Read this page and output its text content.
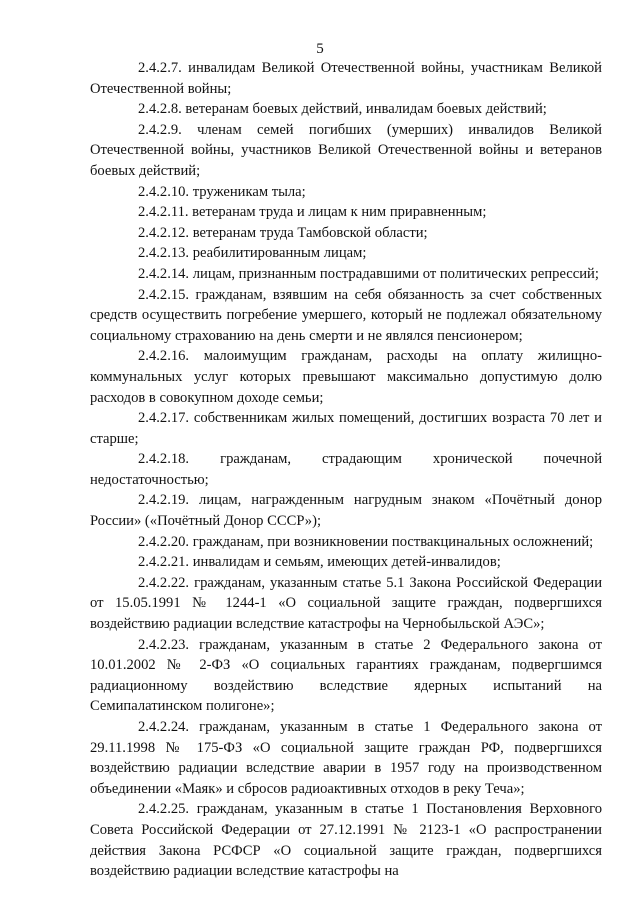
5

2.4.2.7. инвалидам Великой Отечественной войны, участникам Великой Отечественной войны;

2.4.2.8. ветеранам боевых действий, инвалидам боевых действий;

2.4.2.9. членам семей погибших (умерших) инвалидов Великой Отечественной войны, участников Великой Отечественной войны и ветеранов боевых действий;

2.4.2.10. труженикам тыла;

2.4.2.11. ветеранам труда и лицам к ним приравненным;

2.4.2.12. ветеранам труда Тамбовской области;

2.4.2.13. реабилитированным лицам;

2.4.2.14. лицам, признанным пострадавшими от политических репрессий;

2.4.2.15. гражданам, взявшим на себя обязанность за счет собственных средств осуществить погребение умершего, который не подлежал обязательному социальному страхованию на день смерти и не являлся пенсионером;

2.4.2.16. малоимущим гражданам, расходы на оплату жилищно-коммунальных услуг которых превышают максимально допустимую долю расходов в совокупном доходе семьи;

2.4.2.17. собственникам жилых помещений, достигших возраста 70 лет и старше;

2.4.2.18. гражданам, страдающим хронической почечной недостаточностью;

2.4.2.19. лицам, награжденным нагрудным знаком «Почётный донор России» («Почётный Донор СССР»);

2.4.2.20. гражданам, при возникновении поствакцинальных осложнений;

2.4.2.21. инвалидам и семьям, имеющих детей-инвалидов;

2.4.2.22. гражданам, указанным статье 5.1 Закона Российской Федерации от 15.05.1991 № 1244-1 «О социальной защите граждан, подвергшихся воздействию радиации вследствие катастрофы на Чернобыльской АЭС»;

2.4.2.23. гражданам, указанным в статье 2 Федерального закона от 10.01.2002 № 2-ФЗ «О социальных гарантиях гражданам, подвергшимся радиационному воздействию вследствие ядерных испытаний на Семипалатинском полигоне»;

2.4.2.24. гражданам, указанным в статье 1 Федерального закона от 29.11.1998 № 175-ФЗ «О социальной защите граждан РФ, подвергшихся воздействию радиации вследствие аварии в 1957 году на производственном объединении «Маяк» и сбросов радиоактивных отходов в реку Теча»;

2.4.2.25. гражданам, указанным в статье 1 Постановления Верховного Совета Российской Федерации от 27.12.1991 № 2123-1 «О распространении действия Закона РСФСР «О социальной защите граждан, подвергшихся воздействию радиации вследствие катастрофы на
